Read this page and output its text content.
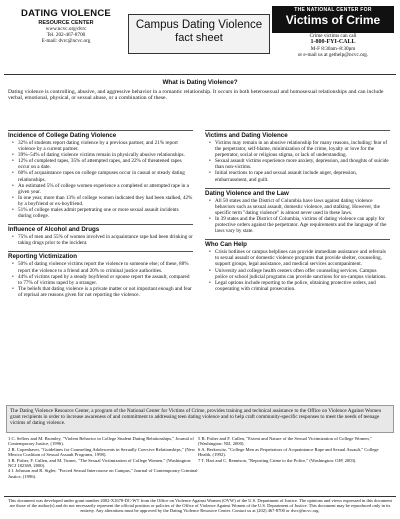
DATING VIOLENCE
RESOURCE CENTER
www.ncvc.org/dvrc
Tel. 202-467-8700
E-mail: dvrc@ncvc.org
Campus Dating Violence
fact sheet
THE NATIONAL CENTER FOR
Victims of Crime
Crime victims can call
1-800-FYI-CALL
M-F 8:30am–8:30pm
or e-mail us at gethelp@ncvc.org.
What is Dating Violence?
Dating violence is controlling, abusive, and aggressive behavior in a romantic relationship. It occurs in both heterosexual and homosexual relationships and can include verbal, emotional, physical, or sexual abuse, or a combination of these.
Incidence of College Dating Violence
• 32% of students report dating violence by a previous partner, and 21% report violence by a current partner.
• 39%–54% of dating violence victims remain in physically abusive relationships.
• 12% of completed rapes, 35% of attempted rapes, and 22% of threatened rapes occur on a date.
• 60% of acquaintance rapes on college campuses occur in casual or steady dating relationships.
• An estimated 5% of college women experience a completed or attempted rape in a given year.
• In one year, more than 13% of college women indicated they had been stalked, 42% by a boyfriend or ex-boyfriend.
• 51% of college males admit perpetrating one or more sexual assault incidents during college.
Influence of Alcohol and Drugs
• 75% of men and 55% of women involved in acquaintance rape had been drinking or taking drugs prior to the incident.
Reporting Victimization
• 50% of dating violence victims report the violence to someone else; of these, 88% report the violence to a friend and 20% to criminal justice authorities.
• 44% of victims raped by a steady boyfriend or spouse report the assault, compared to 77% of victims raped by a stranger.
• The beliefs that dating violence is a private matter or not important enough and fear of reprisal are reasons given for not reporting the violence.
Victims and Dating Violence
• Victims may remain in an abusive relationship for many reasons, including: fear of the perpetrator, self-blame, minimization of the crime, loyalty or love for the perpetrator, social or religious stigma, or lack of understanding.
• Sexual assault victims experience more anxiety, depression, and thoughts of suicide than non-victims.
• Initial reactions to rape and sexual assault include anger, depression, embarrassment, and guilt.
Dating Violence and the Law
• All 50 states and the District of Columbia have laws against dating violence behaviors such as sexual assault, domestic violence, and stalking. However, the specific term "dating violence" is almost never used in these laws.
• In 39 states and the District of Columbia, victims of dating violence can apply for protective orders against the perpetrator. Age requirements and the language of the laws vary by state.
Who Can Help
• Crisis hotlines or campus helplines can provide immediate assistance and referrals to sexual assault or domestic violence programs that provide shelter, counseling, support groups, legal assistance, and medical services accompaniment.
• University and college health centers often offer counseling services. Campus police or school judicial programs can provide sanctions for on-campus violations.
• Legal options include reporting to the police, obtaining protective orders, and cooperating with criminal prosecution.
The Dating Violence Resource Center, a program of the National Center for Victims of Crime, provides training and technical assistance to the Office on Violence Against Women grant recipients in order to increase awareness of and commitment to addressing teen dating violence and to help craft community-specific responses to meet the needs of teenage victims of dating violence.
1 C. Sellers and M. Bromley, "Violent Behavior in College Student Dating Relationships," Journal of Contemporary Justice, (1996).
2 B. Copenhaver, "Guidelines for Counseling Adolescents in Sexually Coercive Relationships," (New Mexico Coalition of Sexual Assault Programs, 1998).
3 B. Fisher, F. Cullen, and M. Turner, "The Sexual Victimization of College Women," (Washington: NCJ 182369, 2000).
4 I. Johnson and R. Sigler, "Forced Sexual Intercourse on Campus," Journal of Contemporary Criminal Justice, (1996).
5 B. Fisher and F. Cullen, "Extent and Nature of the Sexual Victimization of College Women," (Washington: NIJ, 2000).
6 A. Berkowitz, "College Men as Perpetrators of Acquaintance Rape and Sexual Assault," College Health, (1992).
7 T. Hart and C. Rennison, "Reporting Crime to the Police," (Washington: OJP, 2003).
This document was developed under grant number 2002-X1678-DC-WT from the Office on Violence Against Women (OVW) of the U.S. Department of Justice. The opinions and views expressed in this document are those of the author(s) and do not necessarily represent the official position or policies of the Office of Violence Against Women of the U.S. Department of Justice. This document may be reproduced only in its entirety. Any alterations must be approved by the Dating Violence Resource Center. Contact us at (202) 467-8700 or dvrc@ncvc.org.
